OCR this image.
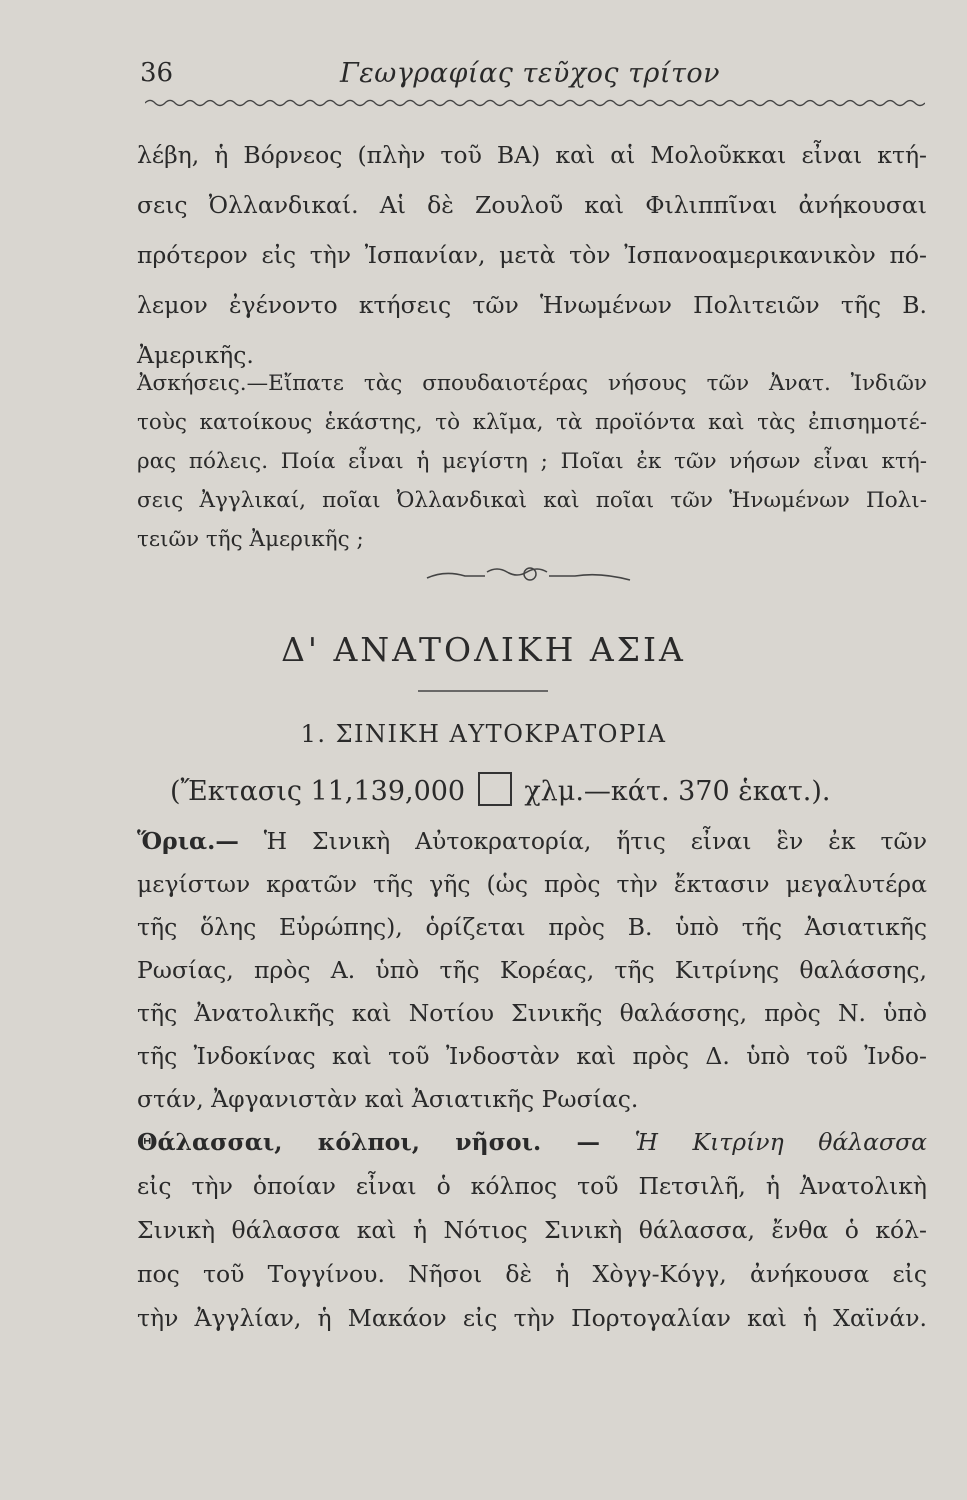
36	Γεωγραφίας τεῦχος τρίτον
λέβη, ἡ Βόρνεος (πλὴν τοῦ ΒΑ) καὶ αἱ Μολοῦκκαι εἶναι κτή-
σεις Ὀλλανδικαί. Αἱ δὲ Ζουλοῦ καὶ Φιλιππῖναι ἀνήκουσαι
πρότερον εἰς τὴν Ἰσπανίαν, μετὰ τὸν Ἰσπανοαμερικανικὸν πό-
λεμον ἐγένοντο κτήσεις τῶν Ἡνωμένων Πολιτειῶν τῆς Β.
Ἀμερικῆς.
Ἀσκήσεις.—Εἴπατε τὰς σπουδαιοτέρας νήσους τῶν Ἀνατ. Ἰνδιῶν
τοὺς κατοίκους ἑκάστης, τὸ κλῖμα, τὰ προϊόντα καὶ τὰς ἐπισημοτέ-
ρας πόλεις. Ποία εἶναι ἡ μεγίστη ; Ποῖαι ἐκ τῶν νήσων εἶναι κτή-
σεις Ἀγγλικαί, ποῖαι Ὀλλανδικαὶ καὶ ποῖαι τῶν Ἡνωμένων Πολι-
τειῶν τῆς Ἀμερικῆς ;
Δ' ΑΝΑΤΟΛΙΚΗ ΑΣΙΑ
1. ΣΙΝΙΚΗ ΑΥΤΟΚΡΑΤΟΡΙΑ
(Ἔκτασις 11,139,000 χλμ.—κάτ. 370 ἑκατ.).
Ὅρια.— Ἡ Σινικὴ Αὐτοκρατορία, ἥτις εἶναι ἓν ἐκ τῶν
μεγίστων κρατῶν τῆς γῆς (ὡς πρὸς τὴν ἔκτασιν μεγαλυτέρα
τῆς ὅλης Εὐρώπης), ὁρίζεται πρὸς Β. ὑπὸ τῆς Ἀσιατικῆς
Ρωσίας, πρὸς Α. ὑπὸ τῆς Κορέας, τῆς Κιτρίνης θαλάσσης,
τῆς Ἀνατολικῆς καὶ Νοτίου Σινικῆς θαλάσσης, πρὸς Ν. ὑπὸ
τῆς Ἰνδοκίνας καὶ τοῦ Ἰνδοστὰν καὶ πρὸς Δ. ὑπὸ τοῦ Ἰνδο-
στάν, Ἀφγανιστὰν καὶ Ἀσιατικῆς Ρωσίας.
Θάλασσαι, κόλποι, νῆσοι. — Ἡ Κιτρίνη θάλασσα
εἰς τὴν ὁποίαν εἶναι ὁ κόλπος τοῦ Πετσιλῆ, ἡ Ἀνατολικὴ
Σινικὴ θάλασσα καὶ ἡ Νότιος Σινικὴ θάλασσα, ἔνθα ὁ κόλ-
πος τοῦ Τογγίνου. Νῆσοι δὲ ἡ Χὸγγ-Κόγγ, ἀνήκουσα εἰς
τὴν Ἀγγλίαν, ἡ Μακάον εἰς τὴν Πορτογαλίαν καὶ ἡ Χαϊνάν.
